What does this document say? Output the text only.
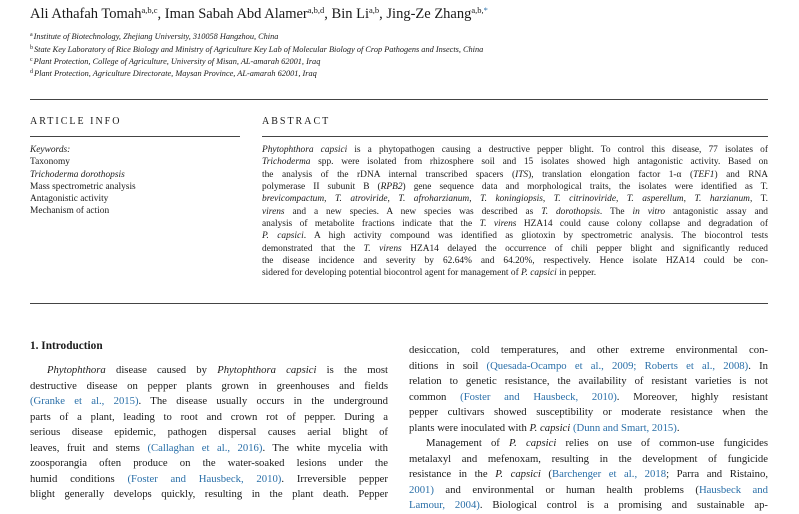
Ali Athafah Tomah$^{a,b,c}$, Iman Sabah Abd Alamer$^{a,b,d}$, Bin Li$^{a,b}$, Jing-Ze Zhang$^{a,b,*}$
$^a$Institute of Biotechnology, Zhejiang University, 310058 Hangzhou, China
$^b$State Key Laboratory of Rice Biology and Ministry of Agriculture Key Lab of Molecular Biology of Crop Pathogens and Insects, China
$^c$Plant Protection, College of Agriculture, University of Misan, AL-amarah 62001, Iraq
$^d$Plant Protection, Agriculture Directorate, Maysan Province, AL-amarah 62001, Iraq
ARTICLE INFO	ABSTRACT
Keywords:
Taxonomy
Trichoderma dorothopsis
Mass spectrometric analysis
Antagonistic activity
Mechanism of action
Phytophthora capsici is a phytopathogen causing a destructive pepper blight. To control this disease, 77 isolates of
Trichoderma spp. were isolated from rhizosphere soil and 15 isolates showed high antagonistic activity. Based on
the analysis of the rDNA internal transcribed spacers (ITS), translation elongation factor 1-α (TEF1) and RNA
polymerase II subunit B (RPB2) gene sequence data and morphological traits, the isolates were identified as T.
brevicompactum, T. atroviride, T. afroharzianum, T. koningiopsis, T. citrinoviride, T. asperellum, T. harzianum, T.
virens and a new species. A new species was described as T. dorothopsis. The in vitro antagonistic assay and
analysis of metabolite fractions indicate that the T. virens HZA14 could cause colony collapse and degradation of
P. capsici. A high activity compound was identified as gliotoxin by spectrometric analysis. The biocontrol tests
demonstrated that the T. virens HZA14 delayed the occurrence of chili pepper blight and significantly reduced
the disease incidence and severity by 62.64% and 64.20%, respectively. Hence isolate HZA14 could be con-
sidered for developing potential biocontrol agent for management of P. capsici in pepper.
1. Introduction
Phytophthora disease caused by Phytophthora capsici is the most
destructive disease on pepper plants grown in greenhouses and fields
(Granke et al., 2015). The disease usually occurs in the underground
parts of a plant, leading to root and crown rot of pepper. During a
serious disease epidemic, pathogen dispersal causes aerial blight of
leaves, fruit and stems (Callaghan et al., 2016). The white mycelia with
zoosporangia often produce on the water-soaked lesions under the
humid conditions (Foster and Hausbeck, 2010). Irreversible pepper
blight generally develops quickly, resulting in the plant death. Pepper
desiccation, cold temperatures, and other extreme environmental con-
ditions in soil (Quesada-Ocampo et al., 2009; Roberts et al., 2008). In
relation to genetic resistance, the availability of resistant varieties is not
common (Foster and Hausbeck, 2010). Moreover, highly resistant
pepper cultivars showed susceptibility or moderate resistance when the
plants were inoculated with P. capsici (Dunn and Smart, 2015).
Management of P. capsici relies on use of common-use fungicides
metalaxyl and mefenoxam, resulting in the development of fungicide
resistance in the P. capsici (Barchenger et al., 2018; Parra and Ristaino,
2001) and environmental or human health problems (Hausbeck and
Lamour, 2004). Biological control is a promising and sustainable ap-
